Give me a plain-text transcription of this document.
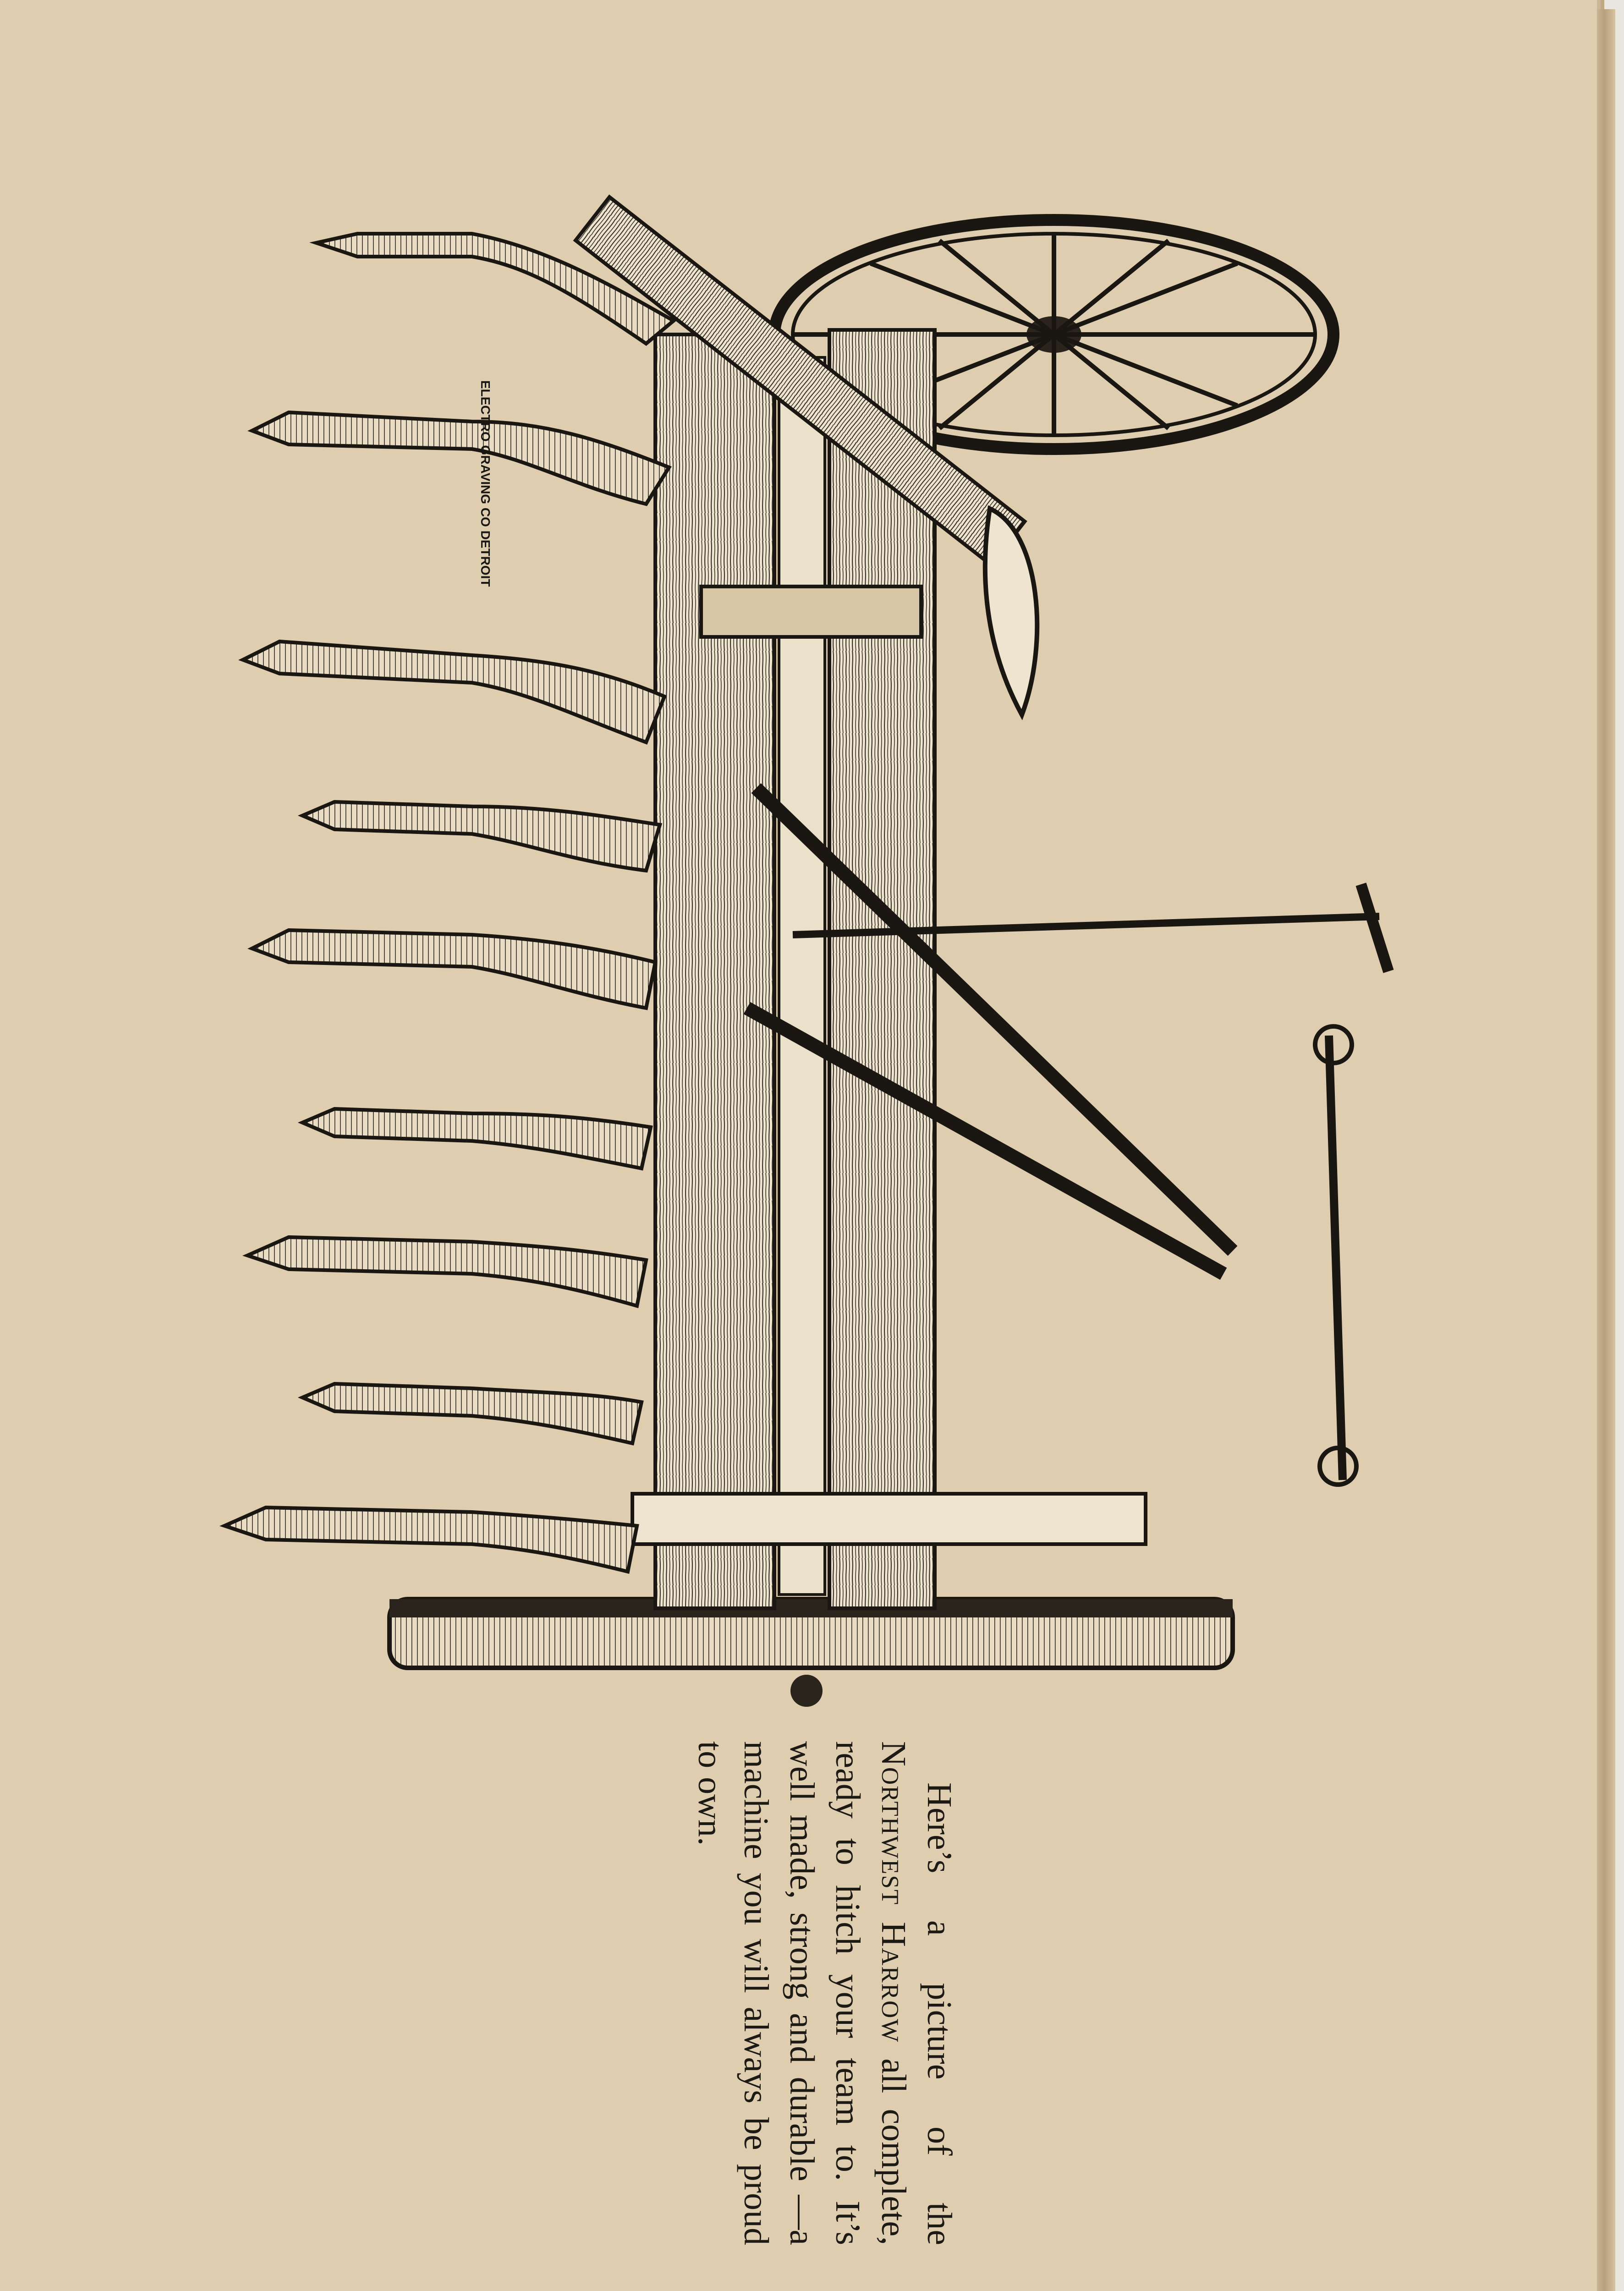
ELECTRO GRAVING CO DETROIT

Here’s a picture of the Northwest Harrow all complete, ready to hitch your team to. It’s well made, strong and durable —a machine you will always be proud to own.
